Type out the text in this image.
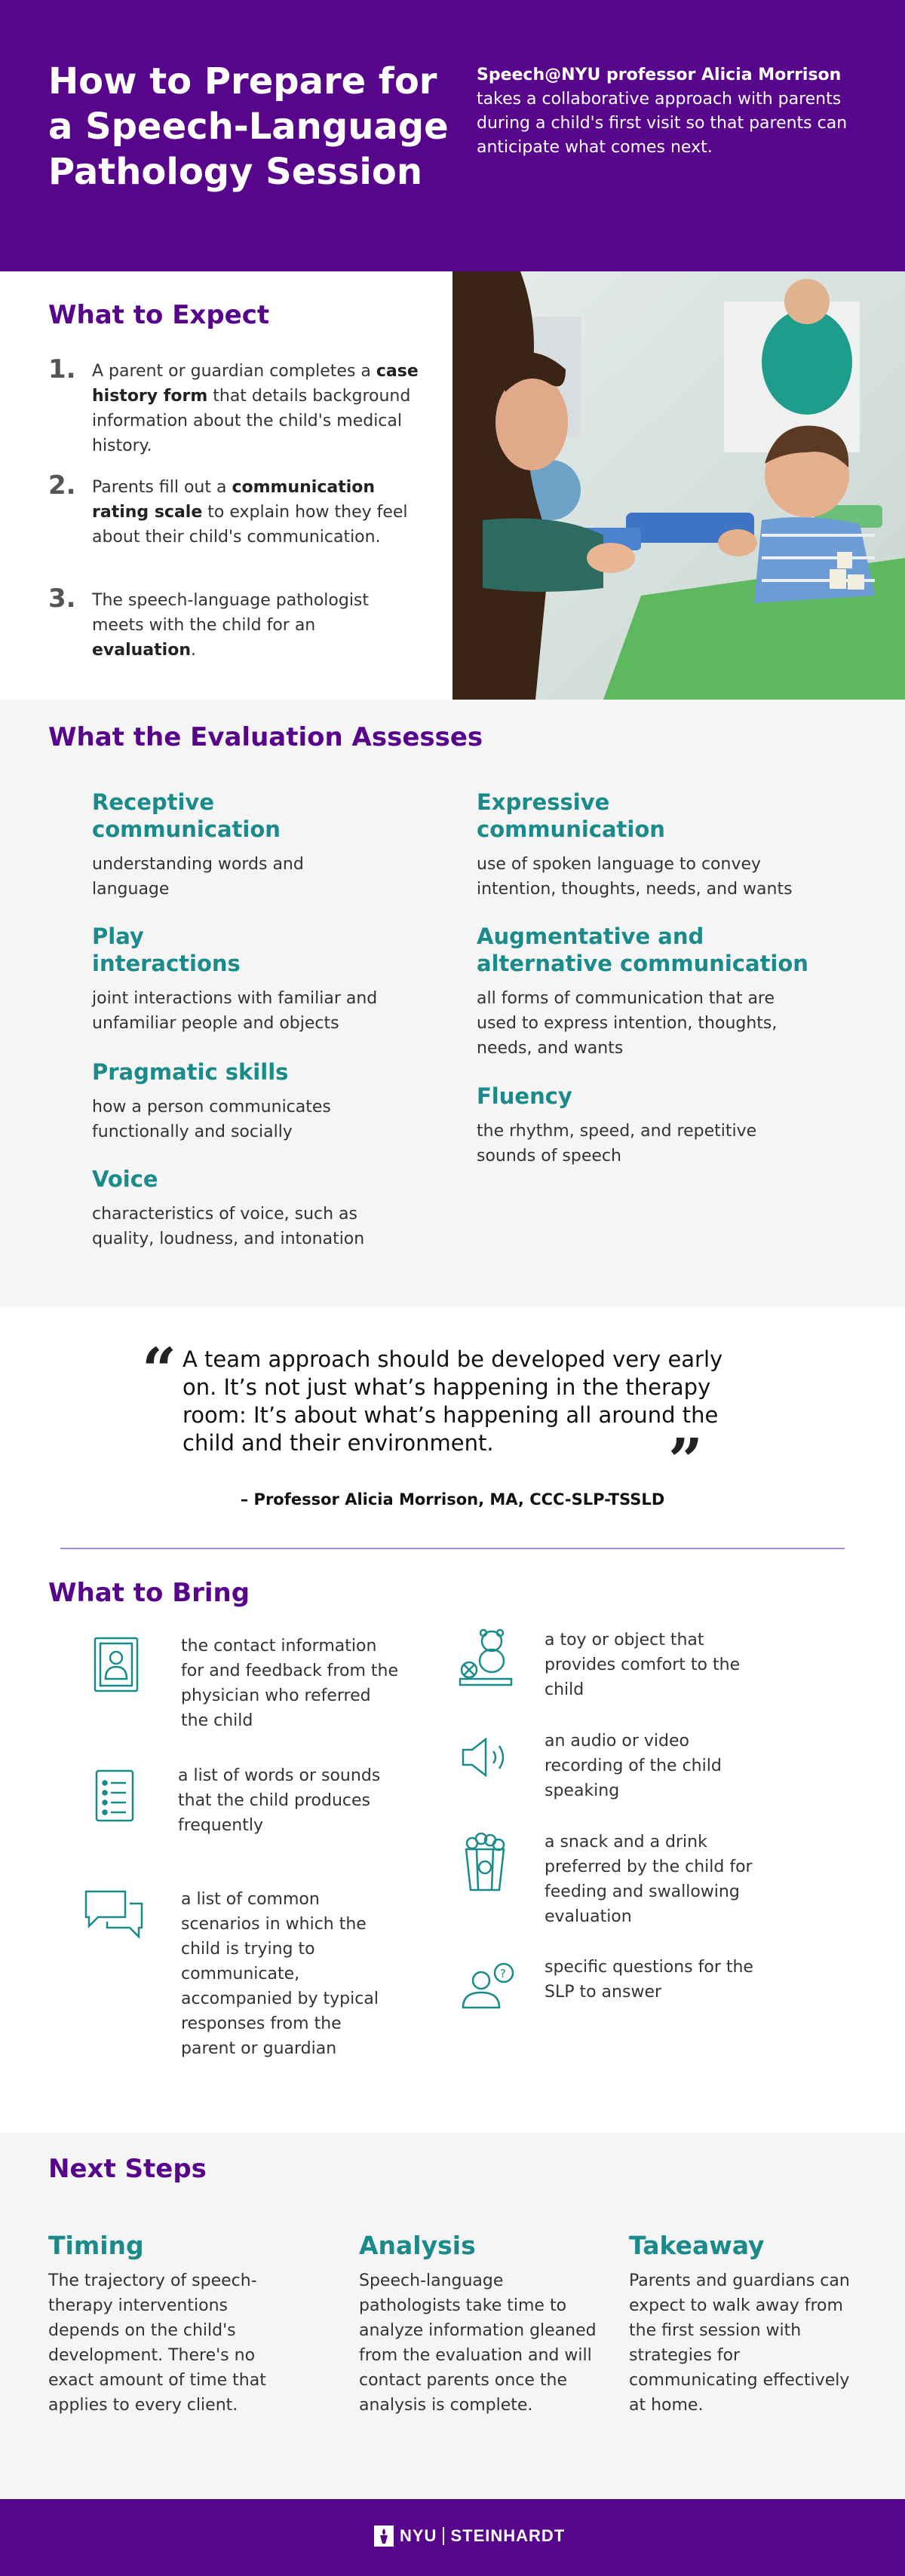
How to Prepare for a Speech-Language Pathology Session

Speech@NYU professor Alicia Morrison takes a collaborative approach with parents during a child's first visit so that parents can anticipate what comes next.

What to Expect
1. A parent or guardian completes a case history form that details background information about the child's medical history.

2. Parents fill out a communication rating scale to explain how they feel about their child's communication.

3. The speech-language pathologist meets with the child for an evaluation.

What the Evaluation Assesses
Receptive communication

understanding words and language

Play interactions

joint interactions with familiar and unfamiliar people and objects

Pragmatic skills

how a person communicates functionally and socially

Voice

characteristics of voice, such as quality, loudness, and intonation

Expressive communication

use of spoken language to convey intention, thoughts, needs, and wants

Augmentative and alternative communication

all forms of communication that are used to express intention, thoughts, needs, and wants

Fluency

the rhythm, speed, and repetitive sounds of speech

“ A team approach should be developed very early on. It’s not just what’s happening in the therapy room: It’s about what’s happening all around the child and their environment.	”

– Professor Alicia Morrison, MA, CCC-SLP-TSSLD

What to Bring

the contact information for and feedback from the physician who referred the child

a list of words or sounds that the child produces frequently

a list of common scenarios in which the child is trying to communicate, accompanied by typical responses from the parent or guardian

a toy or object that provides comfort to the child

an audio or video recording of the child speaking

a snack and a drink preferred by the child for feeding and swallowing evaluation

? specific questions for the SLP to answer

Next Steps
Timing

The trajectory of speech-therapy interventions depends on the child's development. There's no exact amount of time that applies to every client.

Analysis

Speech-language pathologists take time to analyze information gleaned from the evaluation and will contact parents once the analysis is complete.

Takeaway

Parents and guardians can expect to walk away from the first session with strategies for communicating effectively at home.

NYU STEINHARDT
